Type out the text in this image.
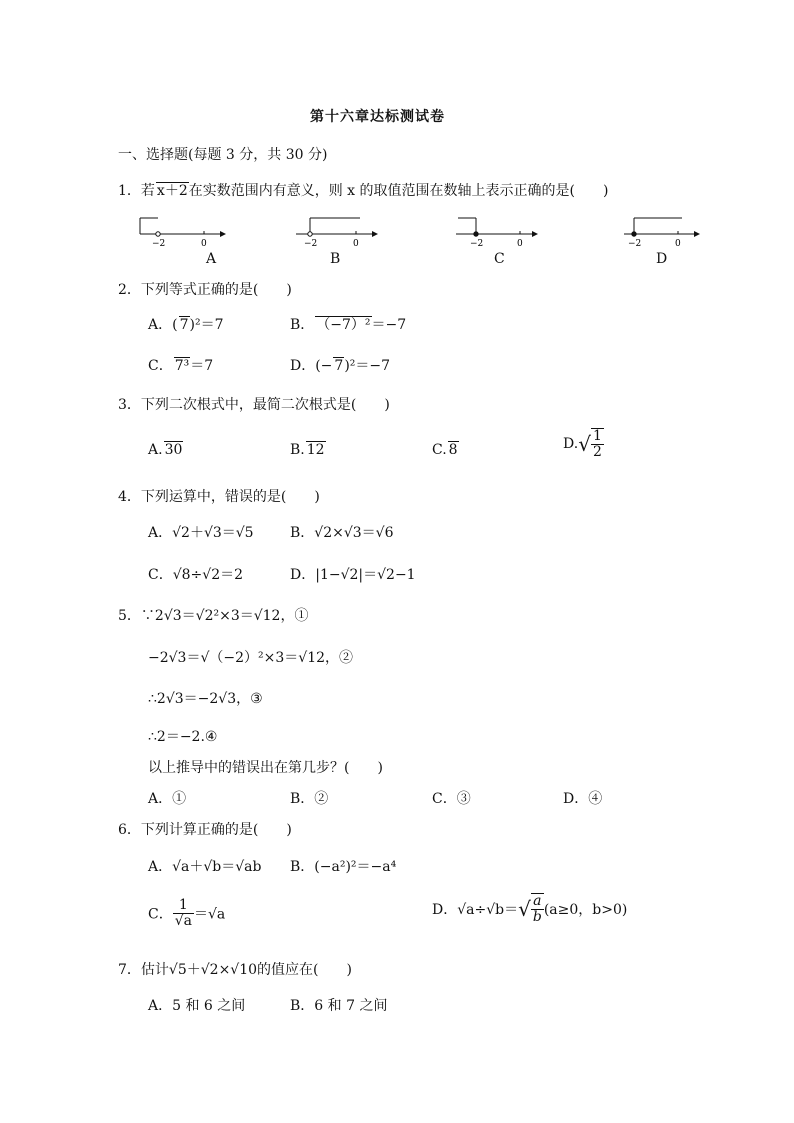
第十六章达标测试卷
一、选择题(每题 3 分，共 30 分)
1．若 x＋2在实数范围内有意义，则 x 的取值范围在数轴上表示正确的是(　　)
−2	0
A
−2	0
B
−2	0
C
−2	0
D
2．下列等式正确的是(　　)
A．( 7)²＝7	B． （−7）²＝−7
C． 7³＝7	D．(− 7)²＝−7
3．下列二次根式中，最简二次根式是(　　)
A. 30	B. 12	C. 8	$D.√ \frac{1}{2}$
4．下列运算中，错误的是(　　)
A．√2＋√3＝√5	B．√2×√3＝√6
C．√8÷√2＝2	D．|1−√2|＝√2−1
5．∵2√3＝√2²×3＝√12，①
−2√3＝√（−2）²×3＝√12，②
∴2√3＝−2√3，③
∴2＝−2.④
以上推导中的错误出在第几步？(　　)
A．①	B．②	C．③	D．④
6．下列计算正确的是(　　)
A．√a＋√b＝√ab B．(−a²)²＝−a⁴
C． $\frac{1}{√a} =√a$	D．$√a\div√b=√ \frac{a}{b} (a\ge 0$，b>0)
7．估计√5＋√2×√10的值应在(　　)
A．5 和 6 之间	B．6 和 7 之间
